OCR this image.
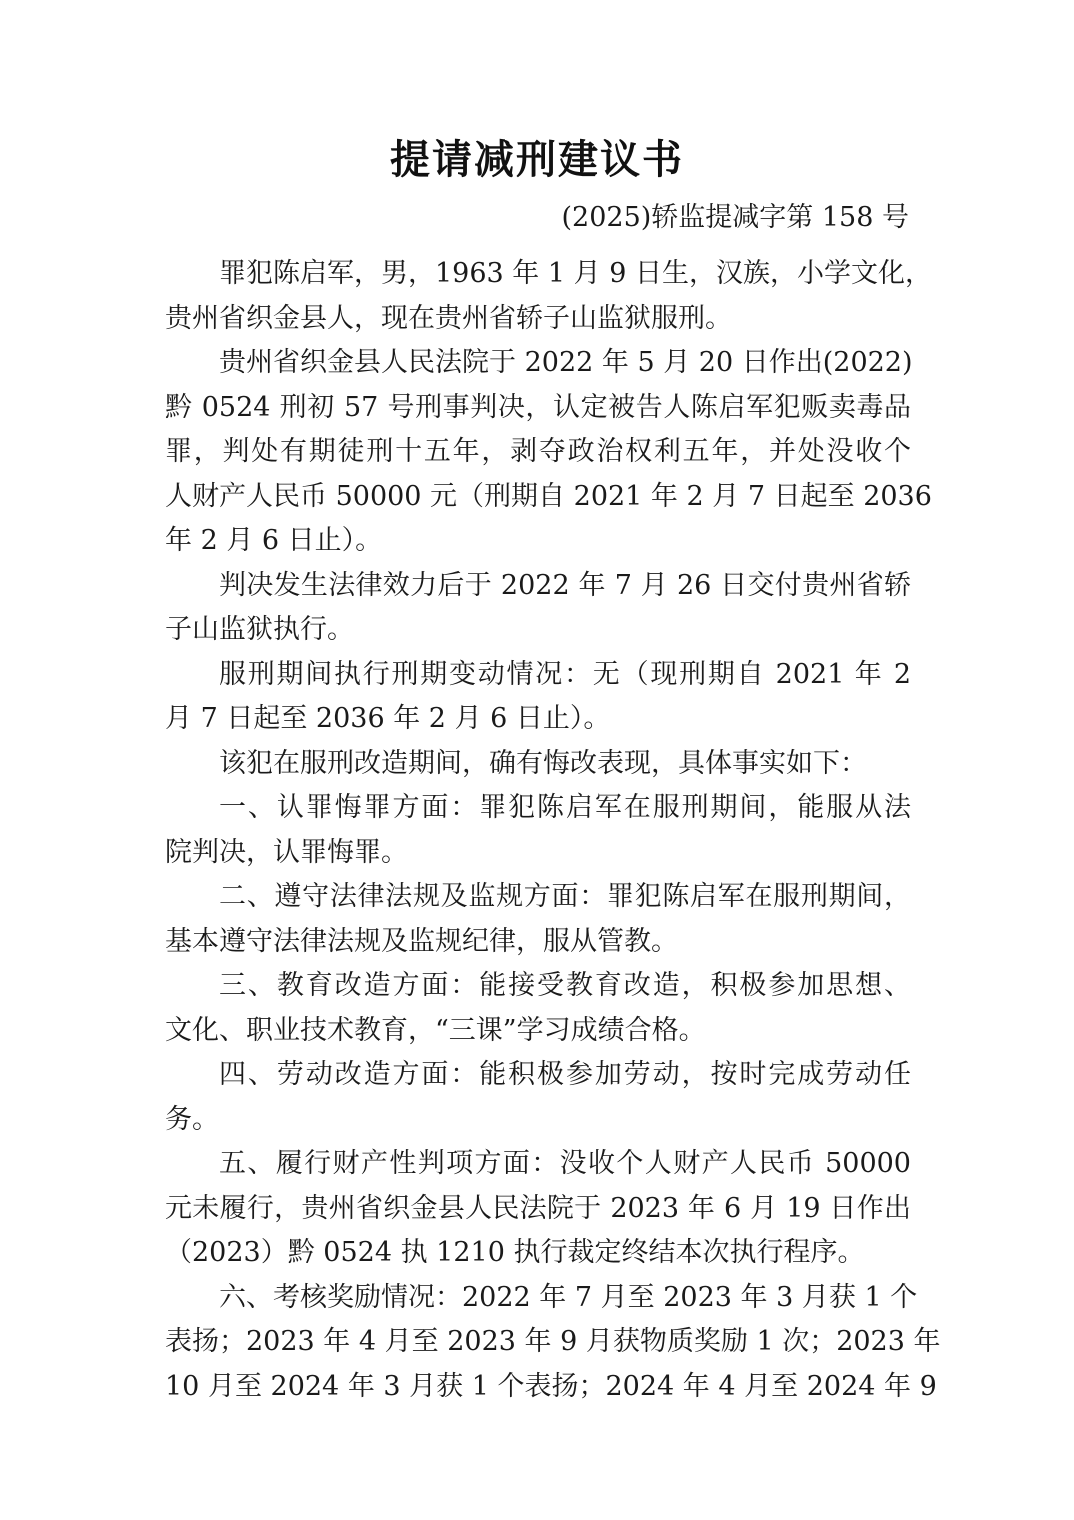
提请减刑建议书
(2025)轿监提减字第 158 号
罪犯陈启军，男，1963 年 1 月 9 日生，汉族，小学文化，
贵州省织金县人，现在贵州省轿子山监狱服刑。
贵州省织金县人民法院于 2022 年 5 月 20 日作出(2022)
黔 0524 刑初 57 号刑事判决，认定被告人陈启军犯贩卖毒品
罪，判处有期徒刑十五年，剥夺政治权利五年，并处没收个
人财产人民币 50000 元（刑期自 2021 年 2 月 7 日起至 2036
年 2 月 6 日止）。
判决发生法律效力后于 2022 年 7 月 26 日交付贵州省轿
子山监狱执行。
服刑期间执行刑期变动情况：无（现刑期自 2021 年 2
月 7 日起至 2036 年 2 月 6 日止）。
该犯在服刑改造期间，确有悔改表现，具体事实如下：
一、认罪悔罪方面：罪犯陈启军在服刑期间，能服从法
院判决，认罪悔罪。
二、遵守法律法规及监规方面：罪犯陈启军在服刑期间，
基本遵守法律法规及监规纪律，服从管教。
三、教育改造方面：能接受教育改造，积极参加思想、
文化、职业技术教育，“三课”学习成绩合格。
四、劳动改造方面：能积极参加劳动，按时完成劳动任
务。
五、履行财产性判项方面：没收个人财产人民币 50000
元未履行，贵州省织金县人民法院于 2023 年 6 月 19 日作出
（2023）黔 0524 执 1210 执行裁定终结本次执行程序。
六、考核奖励情况：2022 年 7 月至 2023 年 3 月获 1 个
表扬；2023 年 4 月至 2023 年 9 月获物质奖励 1 次；2023 年
10 月至 2024 年 3 月获 1 个表扬；2024 年 4 月至 2024 年 9
